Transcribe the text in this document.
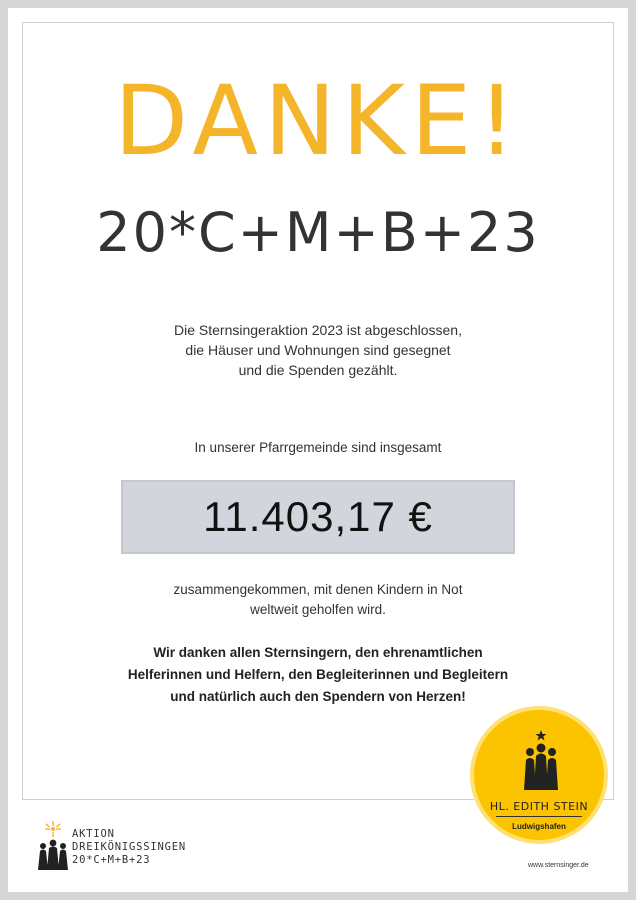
DANKE!
20*C+M+B+23
Die Sternsingeraktion 2023 ist abgeschlossen,
die Häuser und Wohnungen sind gesegnet
und die Spenden gezählt.
In unserer Pfarrgemeinde sind insgesamt
11.403,17 €
zusammengekommen, mit denen Kindern in Not
weltweit geholfen wird.
Wir danken allen Sternsingern, den ehrenamtlichen
Helferinnen und Helfern, den Begleiterinnen und Begleitern
und natürlich auch den Spendern von Herzen!
HL. EDITH STEIN
Ludwigshafen
AKTION
DREIKÖNIGSSINGEN
20*C+M+B+23	www.sternsinger.de
